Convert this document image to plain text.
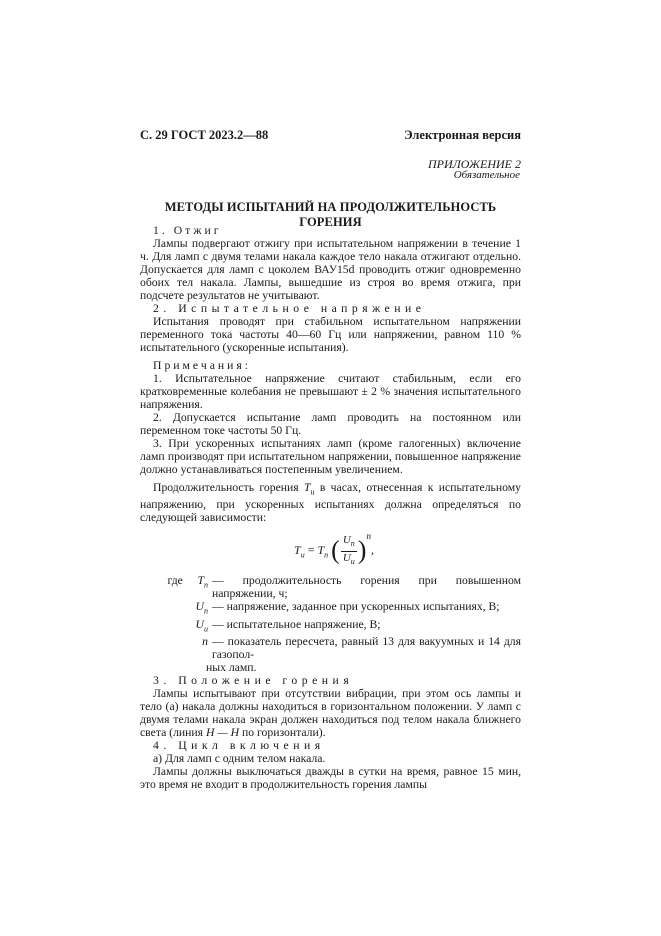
С. 29 ГОСТ 2023.2—88	Электронная версия
ПРИЛОЖЕНИЕ 2
Обязательное
МЕТОДЫ ИСПЫТАНИЙ НА ПРОДОЛЖИТЕЛЬНОСТЬ ГОРЕНИЯ

1. Отжиг

Лампы подвергают отжигу при испытательном напряжении в течение 1 ч. Для ламп с двумя телами накала каждое тело накала отжигают отдельно. Допускается для ламп с цоколем ВАУ15d проводить отжиг одновременно обоих тел накала. Лампы, вышедшие из строя во время отжига, при подсчете результатов не учитывают.

2. Испытательное напряжение

Испытания проводят при стабильном испытательном напряжении переменного тока частоты 40—60 Гц или напряжении, равном 110 % испытательного (ускоренные испытания).

Примечания:

1. Испытательное напряжение считают стабильным, если его кратковременные колебания не превышают ± 2 % значения испытательного напряжения.

2. Допускается испытание ламп проводить на постоянном или переменном токе частоты 50 Гц.

3. При ускоренных испытаниях ламп (кроме галогенных) включение ламп производят при испытательном напряжении, повышенное напряжение должно устанавливаться постепенным увеличением.

Продолжительность горения $T_и$ в часах, отнесенная к испытательному напряжению, при ускоренных испытаниях должна определяться по следующей зависимости:

$T_и = T_п$ ( $\frac{U_п}{U_и} )^n$,
где $T_п$ — продолжительность горения при повышенном напряжении, ч;
$U_п$ — напряжение, заданное при ускоренных испытаниях, В;
$U_и$ — испытательное напряжение, В;
n — показатель пересчета, равный 13 для вакуумных и 14 для газопол-
ных ламп.

3. Положение горения

Лампы испытывают при отсутствии вибрации, при этом ось лампы и тело (а) накала должны находиться в горизонтальном положении. У ламп с двумя телами накала экран должен находиться под телом накала ближнего света (линия H — H по горизонтали).

4. Цикл включения

а) Для ламп с одним телом накала.

Лампы должны выключаться дважды в сутки на время, равное 15 мин, это время не входит в продолжительность горения лампы
